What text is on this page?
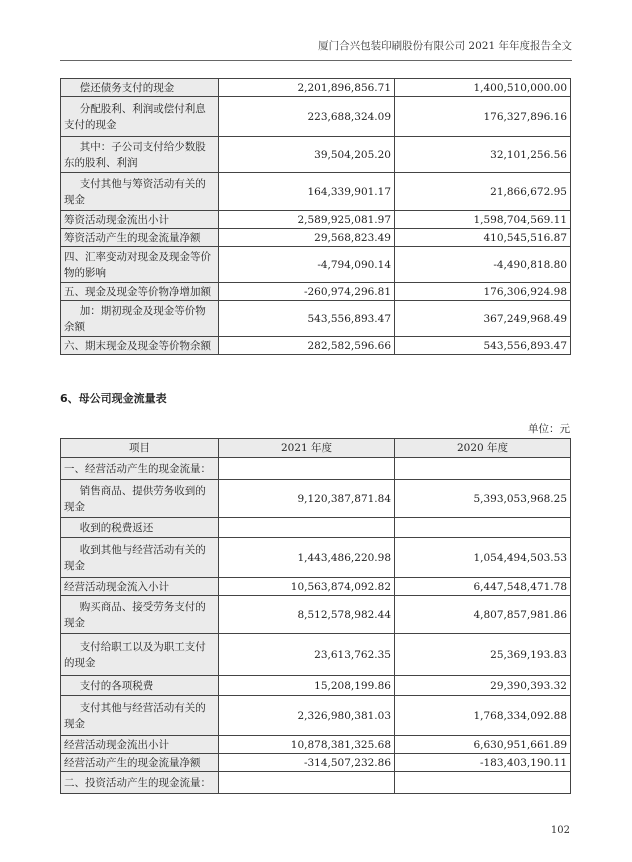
厦门合兴包装印刷股份有限公司 2021 年年度报告全文
偿还债务支付的现金	2,201,896,856.71	1,400,510,000.00
分配股利、利润或偿付利息支付的现金	223,688,324.09	176,327,896.16
其中：子公司支付给少数股东的股利、利润	39,504,205.20	32,101,256.56
支付其他与筹资活动有关的现金	164,339,901.17	21,866,672.95
筹资活动现金流出小计	2,589,925,081.97	1,598,704,569.11
筹资活动产生的现金流量净额	29,568,823.49	410,545,516.87
四、汇率变动对现金及现金等价物的影响	-4,794,090.14	-4,490,818.80
五、现金及现金等价物净增加额	-260,974,296.81	176,306,924.98
加：期初现金及现金等价物余额	543,556,893.47	367,249,968.49
六、期末现金及现金等价物余额	282,582,596.66	543,556,893.47
6、母公司现金流量表
单位：元
项目	2021 年度	2020 年度
一、经营活动产生的现金流量：		
销售商品、提供劳务收到的现金	9,120,387,871.84	5,393,053,968.25
收到的税费返还		
收到其他与经营活动有关的现金	1,443,486,220.98	1,054,494,503.53
经营活动现金流入小计	10,563,874,092.82	6,447,548,471.78
购买商品、接受劳务支付的现金	8,512,578,982.44	4,807,857,981.86
支付给职工以及为职工支付的现金	23,613,762.35	25,369,193.83
支付的各项税费	15,208,199.86	29,390,393.32
支付其他与经营活动有关的现金	2,326,980,381.03	1,768,334,092.88
经营活动现金流出小计	10,878,381,325.68	6,630,951,661.89
经营活动产生的现金流量净额	-314,507,232.86	-183,403,190.11
二、投资活动产生的现金流量：		
102
